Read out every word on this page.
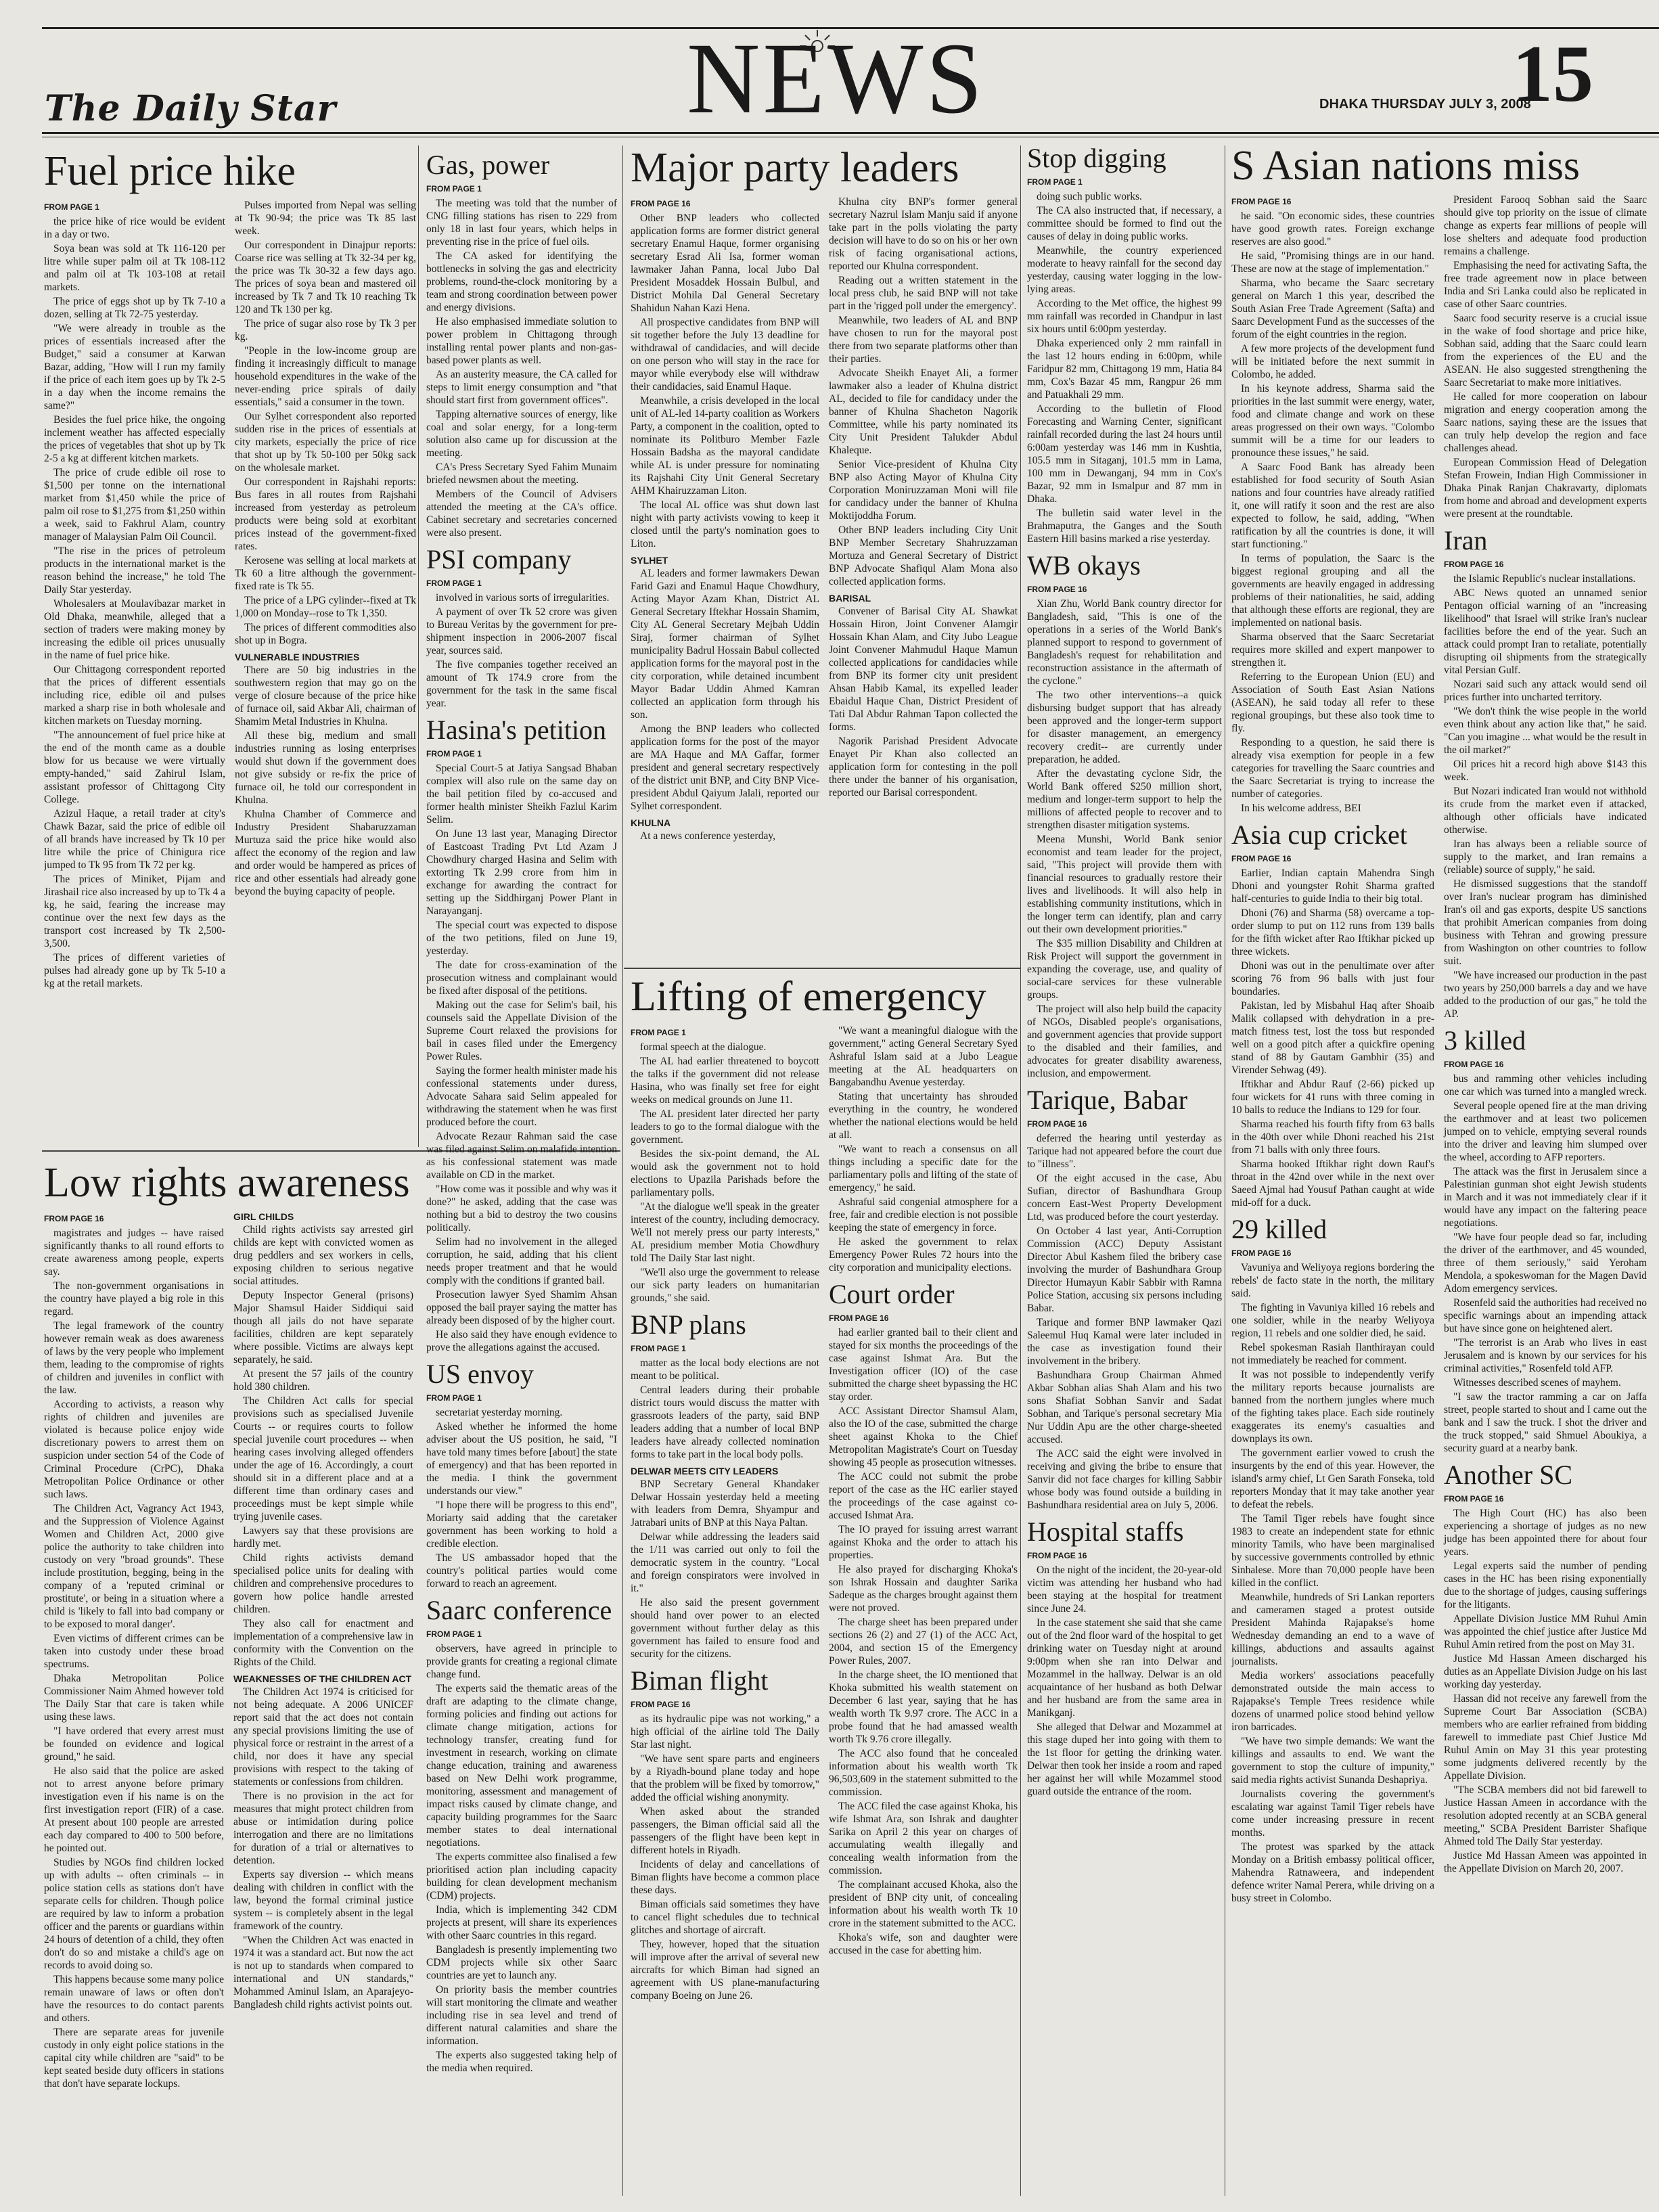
The Daily Star	NEWS	DHAKA THURSDAY JULY 3, 2008
15
Fuel price hike
FROM PAGE 1

the price hike of rice would be evident in a day or two.

Soya bean was sold at Tk 116-120 per litre while super palm oil at Tk 108-112 and palm oil at Tk 103-108 at retail markets.

The price of eggs shot up by Tk 7-10 a dozen, selling at Tk 72-75 yesterday.

"We were already in trouble as the prices of essentials increased after the Budget," said a consumer at Karwan Bazar, adding, "How will I run my family if the price of each item goes up by Tk 2-5 in a day when the income remains the same?"

Besides the fuel price hike, the ongoing inclement weather has affected especially the prices of vegetables that shot up by Tk 2-5 a kg at different kitchen markets.

The price of crude edible oil rose to $1,500 per tonne on the international market from $1,450 while the price of palm oil rose to $1,275 from $1,250 within a week, said to Fakhrul Alam, country manager of Malaysian Palm Oil Council.

"The rise in the prices of petroleum products in the international market is the reason behind the increase," he told The Daily Star yesterday.

Wholesalers at Moulavibazar market in Old Dhaka, meanwhile, alleged that a section of traders were making money by increasing the edible oil prices unusually in the name of fuel price hike.

Our Chittagong correspondent reported that the prices of different essentials including rice, edible oil and pulses marked a sharp rise in both wholesale and kitchen markets on Tuesday morning.

"The announcement of fuel price hike at the end of the month came as a double blow for us because we were virtually empty-handed," said Zahirul Islam, assistant professor of Chittagong City College.

Azizul Haque, a retail trader at city's Chawk Bazar, said the price of edible oil of all brands have increased by Tk 10 per litre while the price of Chinigura rice jumped to Tk 95 from Tk 72 per kg.

The prices of Miniket, Pijam and Jirashail rice also increased by up to Tk 4 a kg, he said, fearing the increase may continue over the next few days as the transport cost increased by Tk 2,500-3,500.

The prices of different varieties of pulses had already gone up by Tk 5-10 a kg at the retail markets.

Pulses imported from Nepal was selling at Tk 90-94; the price was Tk 85 last week.

Our correspondent in Dinajpur reports: Coarse rice was selling at Tk 32-34 per kg, the price was Tk 30-32 a few days ago. The prices of soya bean and mastered oil increased by Tk 7 and Tk 10 reaching Tk 120 and Tk 130 per kg.

The price of sugar also rose by Tk 3 per kg.

"People in the low-income group are finding it increasingly difficult to manage household expenditures in the wake of the never-ending price spirals of daily essentials," said a consumer in the town.

Our Sylhet correspondent also reported sudden rise in the prices of essentials at city markets, especially the price of rice that shot up by Tk 50-100 per 50kg sack on the wholesale market.

Our correspondent in Rajshahi reports: Bus fares in all routes from Rajshahi increased from yesterday as petroleum products were being sold at exorbitant prices instead of the government-fixed rates.

Kerosene was selling at local markets at Tk 60 a litre although the government-fixed rate is Tk 55.

The price of a LPG cylinder--fixed at Tk 1,000 on Monday--rose to Tk 1,350.

The prices of different commodities also shot up in Bogra.

VULNERABLE INDUSTRIES

There are 50 big industries in the southwestern region that may go on the verge of closure because of the price hike of furnace oil, said Akbar Ali, chairman of Shamim Metal Industries in Khulna.

All these big, medium and small industries running as losing enterprises would shut down if the government does not give subsidy or re-fix the price of furnace oil, he told our correspondent in Khulna.

Khulna Chamber of Commerce and Industry President Shabaruzzaman Murtuza said the price hike would also affect the economy of the region and law and order would be hampered as prices of rice and other essentials had already gone beyond the buying capacity of people.

Gas, power
FROM PAGE 1

The meeting was told that the number of CNG filling stations has risen to 229 from only 18 in last four years, which helps in preventing rise in the price of fuel oils.

The CA asked for identifying the bottlenecks in solving the gas and electricity problems, round-the-clock monitoring by a team and strong coordination between power and energy divisions.

He also emphasised immediate solution to power problem in Chittagong through installing rental power plants and non-gas-based power plants as well.

As an austerity measure, the CA called for steps to limit energy consumption and "that should start first from government offices".

Tapping alternative sources of energy, like coal and solar energy, for a long-term solution also came up for discussion at the meeting.

CA's Press Secretary Syed Fahim Munaim briefed newsmen about the meeting.

Members of the Council of Advisers attended the meeting at the CA's office. Cabinet secretary and secretaries concerned were also present.

PSI company
FROM PAGE 1

involved in various sorts of irregularities.

A payment of over Tk 52 crore was given to Bureau Veritas by the government for pre-shipment inspection in 2006-2007 fiscal year, sources said.

The five companies together received an amount of Tk 174.9 crore from the government for the task in the same fiscal year.

Hasina's petition
FROM PAGE 1

Special Court-5 at Jatiya Sangsad Bhaban complex will also rule on the same day on the bail petition filed by co-accused and former health minister Sheikh Fazlul Karim Selim.

On June 13 last year, Managing Director of Eastcoast Trading Pvt Ltd Azam J Chowdhury charged Hasina and Selim with extorting Tk 2.99 crore from him in exchange for awarding the contract for setting up the Siddhirganj Power Plant in Narayanganj.

The special court was expected to dispose of the two petitions, filed on June 19, yesterday.

The date for cross-examination of the prosecution witness and complainant would be fixed after disposal of the petitions.

Making out the case for Selim's bail, his counsels said the Appellate Division of the Supreme Court relaxed the provisions for bail in cases filed under the Emergency Power Rules.

Saying the former health minister made his confessional statements under duress, Advocate Sahara said Selim appealed for withdrawing the statement when he was first produced before the court.

Advocate Rezaur Rahman said the case was filed against Selim on malafide intention as his confessional statement was made available on CD in the market.

"How come was it possible and why was it done?" he asked, adding that the case was nothing but a bid to destroy the two cousins politically.

Selim had no involvement in the alleged corruption, he said, adding that his client needs proper treatment and that he would comply with the conditions if granted bail.

Prosecution lawyer Syed Shamim Ahsan opposed the bail prayer saying the matter has already been disposed of by the higher court.

He also said they have enough evidence to prove the allegations against the accused.

US envoy
FROM PAGE 1

secretariat yesterday morning.

Asked whether he informed the home adviser about the US position, he said, "I have told many times before [about] the state of emergency) and that has been reported in the media. I think the government understands our view."

"I hope there will be progress to this end", Moriarty said adding that the caretaker government has been working to hold a credible election.

The US ambassador hoped that the country's political parties would come forward to reach an agreement.

Saarc conference
FROM PAGE 1

observers, have agreed in principle to provide grants for creating a regional climate change fund.

The experts said the thematic areas of the draft are adapting to the climate change, forming policies and finding out actions for climate change mitigation, actions for technology transfer, creating fund for investment in research, working on climate change education, training and awareness based on New Delhi work programme, monitoring, assessment and management of impact risks caused by climate change, and capacity building programmes for the Saarc member states to deal international negotiations.

The experts committee also finalised a few prioritised action plan including capacity building for clean development mechanism (CDM) projects.

India, which is implementing 342 CDM projects at present, will share its experiences with other Saarc countries in this regard.

Bangladesh is presently implementing two CDM projects while six other Saarc countries are yet to launch any.

On priority basis the member countries will start monitoring the climate and weather including rise in sea level and trend of different natural calamities and share the information.

The experts also suggested taking help of the media when required.

Low rights awareness
FROM PAGE 16

magistrates and judges -- have raised significantly thanks to all round efforts to create awareness among people, experts say.

The non-government organisations in the country have played a big role in this regard.

The legal framework of the country however remain weak as does awareness of laws by the very people who implement them, leading to the compromise of rights of children and juveniles in conflict with the law.

According to activists, a reason why rights of children and juveniles are violated is because police enjoy wide discretionary powers to arrest them on suspicion under section 54 of the Code of Criminal Procedure (CrPC), Dhaka Metropolitan Police Ordinance or other such laws.

The Children Act, Vagrancy Act 1943, and the Suppression of Violence Against Women and Children Act, 2000 give police the authority to take children into custody on very "broad grounds". These include prostitution, begging, being in the company of a 'reputed criminal or prostitute', or being in a situation where a child is 'likely to fall into bad company or to be exposed to moral danger'.

Even victims of different crimes can be taken into custody under these broad spectrums.

Dhaka Metropolitan Police Commissioner Naim Ahmed however told The Daily Star that care is taken while using these laws.

"I have ordered that every arrest must be founded on evidence and logical ground," he said.

He also said that the police are asked not to arrest anyone before primary investigation even if his name is on the first investigation report (FIR) of a case. At present about 100 people are arrested each day compared to 400 to 500 before, he pointed out.

Studies by NGOs find children locked up with adults -- often criminals -- in police station cells as stations don't have separate cells for children. Though police are required by law to inform a probation officer and the parents or guardians within 24 hours of detention of a child, they often don't do so and mistake a child's age on records to avoid doing so.

This happens because some many police remain unaware of laws or often don't have the resources to do contact parents and others.

There are separate areas for juvenile custody in only eight police stations in the capital city while children are "said" to be kept seated beside duty officers in stations that don't have separate lockups.

GIRL CHILDS

Child rights activists say arrested girl childs are kept with convicted women as drug peddlers and sex workers in cells, exposing children to serious negative social attitudes.

Deputy Inspector General (prisons) Major Shamsul Haider Siddiqui said though all jails do not have separate facilities, children are kept separately where possible. Victims are always kept separately, he said.

At present the 57 jails of the country hold 380 children.

The Children Act calls for special provisions such as specialised Juvenile Courts -- or requires courts to follow special juvenile court procedures -- when hearing cases involving alleged offenders under the age of 16. Accordingly, a court should sit in a different place and at a different time than ordinary cases and proceedings must be kept simple while trying juvenile cases.

Lawyers say that these provisions are hardly met.

Child rights activists demand specialised police units for dealing with children and comprehensive procedures to govern how police handle arrested children.

They also call for enactment and implementation of a comprehensive law in conformity with the Convention on the Rights of the Child.

WEAKNESSES OF THE CHILDREN ACT

The Children Act 1974 is criticised for not being adequate. A 2006 UNICEF report said that the act does not contain any special provisions limiting the use of physical force or restraint in the arrest of a child, nor does it have any special provisions with respect to the taking of statements or confessions from children.

There is no provision in the act for measures that might protect children from abuse or intimidation during police interrogation and there are no limitations for duration of a trial or alternatives to detention.

Experts say diversion -- which means dealing with children in conflict with the law, beyond the formal criminal justice system -- is completely absent in the legal framework of the country.

"When the Children Act was enacted in 1974 it was a standard act. But now the act is not up to standards when compared to international and UN standards," Mohammed Aminul Islam, an Aparajeyo-Bangladesh child rights activist points out.

Major party leaders
FROM PAGE 16

Other BNP leaders who collected application forms are former district general secretary Enamul Haque, former organising secretary Esrad Ali Isa, former woman lawmaker Jahan Panna, local Jubo Dal President Mosaddek Hossain Bulbul, and District Mohila Dal General Secretary Shahidun Nahan Kazi Hena.

All prospective candidates from BNP will sit together before the July 13 deadline for withdrawal of candidacies, and will decide on one person who will stay in the race for mayor while everybody else will withdraw their candidacies, said Enamul Haque.

Meanwhile, a crisis developed in the local unit of AL-led 14-party coalition as Workers Party, a component in the coalition, opted to nominate its Politburo Member Fazle Hossain Badsha as the mayoral candidate while AL is under pressure for nominating its Rajshahi City Unit General Secretary AHM Khairuzzaman Liton.

The local AL office was shut down last night with party activists vowing to keep it closed until the party's nomination goes to Liton.

SYLHET

AL leaders and former lawmakers Dewan Farid Gazi and Enamul Haque Chowdhury, Acting Mayor Azam Khan, District AL General Secretary Iftekhar Hossain Shamim, City AL General Secretary Mejbah Uddin Siraj, former chairman of Sylhet municipality Badrul Hossain Babul collected application forms for the mayoral post in the city corporation, while detained incumbent Mayor Badar Uddin Ahmed Kamran collected an application form through his son.

Among the BNP leaders who collected application forms for the post of the mayor are MA Haque and MA Gaffar, former president and general secretary respectively of the district unit BNP, and City BNP Vice-president Abdul Qaiyum Jalali, reported our Sylhet correspondent.

KHULNA

At a news conference yesterday,

Khulna city BNP's former general secretary Nazrul Islam Manju said if anyone take part in the polls violating the party decision will have to do so on his or her own risk of facing organisational actions, reported our Khulna correspondent.

Reading out a written statement in the local press club, he said BNP will not take part in the 'rigged poll under the emergency'.

Meanwhile, two leaders of AL and BNP have chosen to run for the mayoral post there from two separate platforms other than their parties.

Advocate Sheikh Enayet Ali, a former lawmaker also a leader of Khulna district AL, decided to file for candidacy under the banner of Khulna Shacheton Nagorik Committee, while his party nominated its City Unit President Talukder Abdul Khaleque.

Senior Vice-president of Khulna City BNP also Acting Mayor of Khulna City Corporation Moniruzzaman Moni will file for candidacy under the banner of Khulna Moktijoddha Forum.

Other BNP leaders including City Unit BNP Member Secretary Shahruzzaman Mortuza and General Secretary of District BNP Advocate Shafiqul Alam Mona also collected application forms.

BARISAL

Convener of Barisal City AL Shawkat Hossain Hiron, Joint Convener Alamgir Hossain Khan Alam, and City Jubo League Joint Convener Mahmudul Haque Mamun collected applications for candidacies while from BNP its former city unit president Ahsan Habib Kamal, its expelled leader Ebaidul Haque Chan, District President of Tati Dal Abdur Rahman Tapon collected the forms.

Nagorik Parishad President Advocate Enayet Pir Khan also collected an application form for contesting in the poll there under the banner of his organisation, reported our Barisal correspondent.

Lifting of emergency
FROM PAGE 1

formal speech at the dialogue.

The AL had earlier threatened to boycott the talks if the government did not release Hasina, who was finally set free for eight weeks on medical grounds on June 11.

The AL president later directed her party leaders to go to the formal dialogue with the government.

Besides the six-point demand, the AL would ask the government not to hold elections to Upazila Parishads before the parliamentary polls.

"At the dialogue we'll speak in the greater interest of the country, including democracy. We'll not merely press our party interests," AL presidium member Motia Chowdhury told The Daily Star last night.

"We'll also urge the government to release our sick party leaders on humanitarian grounds," she said.

BNP plans
FROM PAGE 1

matter as the local body elections are not meant to be political.

Central leaders during their probable district tours would discuss the matter with grassroots leaders of the party, said BNP leaders adding that a number of local BNP leaders have already collected nomination forms to take part in the local body polls.

DELWAR MEETS CITY LEADERS

BNP Secretary General Khandaker Delwar Hossain yesterday held a meeting with leaders from Demra, Shyampur and Jatrabari units of BNP at this Naya Paltan.

Delwar while addressing the leaders said the 1/11 was carried out only to foil the democratic system in the country. "Local and foreign conspirators were involved in it."

He also said the present government should hand over power to an elected government without further delay as this government has failed to ensure food and security for the citizens.

Biman flight
FROM PAGE 16

as its hydraulic pipe was not working," a high official of the airline told The Daily Star last night.

"We have sent spare parts and engineers by a Riyadh-bound plane today and hope that the problem will be fixed by tomorrow," added the official wishing anonymity.

When asked about the stranded passengers, the Biman official said all the passengers of the flight have been kept in different hotels in Riyadh.

Incidents of delay and cancellations of Biman flights have become a common place these days.

Biman officials said sometimes they have to cancel flight schedules due to technical glitches and shortage of aircraft.

They, however, hoped that the situation will improve after the arrival of several new aircrafts for which Biman had signed an agreement with US plane-manufacturing company Boeing on June 26.

"We want a meaningful dialogue with the government," acting General Secretary Syed Ashraful Islam said at a Jubo League meeting at the AL headquarters on Bangabandhu Avenue yesterday.

Stating that uncertainty has shrouded everything in the country, he wondered whether the national elections would be held at all.

"We want to reach a consensus on all things including a specific date for the parliamentary polls and lifting of the state of emergency," he said.

Ashraful said congenial atmosphere for a free, fair and credible election is not possible keeping the state of emergency in force.

He asked the government to relax Emergency Power Rules 72 hours into the city corporation and municipality elections.

Court order
FROM PAGE 16

had earlier granted bail to their client and stayed for six months the proceedings of the case against Ishmat Ara. But the Investigation officer (IO) of the case submitted the charge sheet bypassing the HC stay order.

ACC Assistant Director Shamsul Alam, also the IO of the case, submitted the charge sheet against Khoka to the Chief Metropolitan Magistrate's Court on Tuesday showing 45 people as prosecution witnesses.

The ACC could not submit the probe report of the case as the HC earlier stayed the proceedings of the case against co-accused Ishmat Ara.

The IO prayed for issuing arrest warrant against Khoka and the order to attach his properties.

He also prayed for discharging Khoka's son Ishrak Hossain and daughter Sarika Sadeque as the charges brought against them were not proved.

The charge sheet has been prepared under sections 26 (2) and 27 (1) of the ACC Act, 2004, and section 15 of the Emergency Power Rules, 2007.

In the charge sheet, the IO mentioned that Khoka submitted his wealth statement on December 6 last year, saying that he has wealth worth Tk 9.97 crore. The ACC in a probe found that he had amassed wealth worth Tk 9.76 crore illegally.

The ACC also found that he concealed information about his wealth worth Tk 96,503,609 in the statement submitted to the commission.

The ACC filed the case against Khoka, his wife Ishmat Ara, son Ishrak and daughter Sarika on April 2 this year on charges of accumulating wealth illegally and concealing wealth information from the commission.

The complainant accused Khoka, also the president of BNP city unit, of concealing information about his wealth worth Tk 10 crore in the statement submitted to the ACC.

Khoka's wife, son and daughter were accused in the case for abetting him.

Stop digging
FROM PAGE 1

doing such public works.

The CA also instructed that, if necessary, a committee should be formed to find out the causes of delay in doing public works.

Meanwhile, the country experienced moderate to heavy rainfall for the second day yesterday, causing water logging in the low-lying areas.

According to the Met office, the highest 99 mm rainfall was recorded in Chandpur in last six hours until 6:00pm yesterday.

Dhaka experienced only 2 mm rainfall in the last 12 hours ending in 6:00pm, while Faridpur 82 mm, Chittagong 19 mm, Hatia 84 mm, Cox's Bazar 45 mm, Rangpur 26 mm and Patuakhali 29 mm.

According to the bulletin of Flood Forecasting and Warning Center, significant rainfall recorded during the last 24 hours until 6:00am yesterday was 146 mm in Kushtia, 105.5 mm in Sitaganj, 101.5 mm in Lama, 100 mm in Dewanganj, 94 mm in Cox's Bazar, 92 mm in Ismalpur and 87 mm in Dhaka.

The bulletin said water level in the Brahmaputra, the Ganges and the South Eastern Hill basins marked a rise yesterday.

WB okays
FROM PAGE 16

Xian Zhu, World Bank country director for Bangladesh, said, "This is one of the operations in a series of the World Bank's planned support to respond to government of Bangladesh's request for rehabilitation and reconstruction assistance in the aftermath of the cyclone."

The two other interventions--a quick disbursing budget support that has already been approved and the longer-term support for disaster management, an emergency recovery credit-- are currently under preparation, he added.

After the devastating cyclone Sidr, the World Bank offered $250 million short, medium and longer-term support to help the millions of affected people to recover and to strengthen disaster mitigation systems.

Meena Munshi, World Bank senior economist and team leader for the project, said, "This project will provide them with financial resources to gradually restore their lives and livelihoods. It will also help in establishing community institutions, which in the longer term can identify, plan and carry out their own development priorities."

The $35 million Disability and Children at Risk Project will support the government in expanding the coverage, use, and quality of social-care services for these vulnerable groups.

The project will also help build the capacity of NGOs, Disabled people's organisations, and government agencies that provide support to the disabled and their families, and advocates for greater disability awareness, inclusion, and empowerment.

Tarique, Babar
FROM PAGE 16

deferred the hearing until yesterday as Tarique had not appeared before the court due to "illness".

Of the eight accused in the case, Abu Sufian, director of Bashundhara Group concern East-West Property Development Ltd, was produced before the court yesterday.

On October 4 last year, Anti-Corruption Commission (ACC) Deputy Assistant Director Abul Kashem filed the bribery case involving the murder of Bashundhara Group Director Humayun Kabir Sabbir with Ramna Police Station, accusing six persons including Babar.

Tarique and former BNP lawmaker Qazi Saleemul Huq Kamal were later included in the case as investigation found their involvement in the bribery.

Bashundhara Group Chairman Ahmed Akbar Sobhan alias Shah Alam and his two sons Shafiat Sobhan Sanvir and Sadat Sobhan, and Tarique's personal secretary Mia Nur Uddin Apu are the other charge-sheeted accused.

The ACC said the eight were involved in receiving and giving the bribe to ensure that Sanvir did not face charges for killing Sabbir whose body was found outside a building in Bashundhara residential area on July 5, 2006.

Hospital staffs
FROM PAGE 16

On the night of the incident, the 20-year-old victim was attending her husband who had been staying at the hospital for treatment since June 24.

In the case statement she said that she came out of the 2nd floor ward of the hospital to get drinking water on Tuesday night at around 9:00pm when she ran into Delwar and Mozammel in the hallway. Delwar is an old acquaintance of her husband as both Delwar and her husband are from the same area in Manikganj.

She alleged that Delwar and Mozammel at this stage duped her into going with them to the 1st floor for getting the drinking water. Delwar then took her inside a room and raped her against her will while Mozammel stood guard outside the entrance of the room.

S Asian nations miss
FROM PAGE 16

he said. "On economic sides, these countries have good growth rates. Foreign exchange reserves are also good."

He said, "Promising things are in our hand. These are now at the stage of implementation."

Sharma, who became the Saarc secretary general on March 1 this year, described the South Asian Free Trade Agreement (Safta) and Saarc Development Fund as the successes of the forum of the eight countries in the region.

A few more projects of the development fund will be initiated before the next summit in Colombo, he added.

In his keynote address, Sharma said the priorities in the last summit were energy, water, food and climate change and work on these areas progressed on their own ways. "Colombo summit will be a time for our leaders to pronounce these issues," he said.

A Saarc Food Bank has already been established for food security of South Asian nations and four countries have already ratified it, one will ratify it soon and the rest are also expected to follow, he said, adding, "When ratification by all the countries is done, it will start functioning."

In terms of population, the Saarc is the biggest regional grouping and all the governments are heavily engaged in addressing problems of their nationalities, he said, adding that although these efforts are regional, they are implemented on national basis.

Sharma observed that the Saarc Secretariat requires more skilled and expert manpower to strengthen it.

Referring to the European Union (EU) and Association of South East Asian Nations (ASEAN), he said today all refer to these regional groupings, but these also took time to fly.

Responding to a question, he said there is already visa exemption for people in a few categories for travelling the Saarc countries and the Saarc Secretariat is trying to increase the number of categories.

In his welcome address, BEI

Asia cup cricket
FROM PAGE 16

Earlier, Indian captain Mahendra Singh Dhoni and youngster Rohit Sharma grafted half-centuries to guide India to their big total.

Dhoni (76) and Sharma (58) overcame a top-order slump to put on 112 runs from 139 balls for the fifth wicket after Rao Iftikhar picked up three wickets.

Dhoni was out in the penultimate over after scoring 76 from 96 balls with just four boundaries.

Pakistan, led by Misbahul Haq after Shoaib Malik collapsed with dehydration in a pre-match fitness test, lost the toss but responded well on a good pitch after a quickfire opening stand of 88 by Gautam Gambhir (35) and Virender Sehwag (49).

Iftikhar and Abdur Rauf (2-66) picked up four wickets for 41 runs with three coming in 10 balls to reduce the Indians to 129 for four.

Sharma reached his fourth fifty from 63 balls in the 40th over while Dhoni reached his 21st from 71 balls with only three fours.

Sharma hooked Iftikhar right down Rauf's throat in the 42nd over while in the next over Saeed Ajmal had Yousuf Pathan caught at wide mid-off for a duck.

29 killed
FROM PAGE 16

Vavuniya and Weliyoya regions bordering the rebels' de facto state in the north, the military said.

The fighting in Vavuniya killed 16 rebels and one soldier, while in the nearby Weliyoya region, 11 rebels and one soldier died, he said.

Rebel spokesman Rasiah Ilanthirayan could not immediately be reached for comment.

It was not possible to independently verify the military reports because journalists are banned from the northern jungles where much of the fighting takes place. Each side routinely exaggerates its enemy's casualties and downplays its own.

The government earlier vowed to crush the insurgents by the end of this year. However, the island's army chief, Lt Gen Sarath Fonseka, told reporters Monday that it may take another year to defeat the rebels.

The Tamil Tiger rebels have fought since 1983 to create an independent state for ethnic minority Tamils, who have been marginalised by successive governments controlled by ethnic Sinhalese. More than 70,000 people have been killed in the conflict.

Meanwhile, hundreds of Sri Lankan reporters and cameramen staged a protest outside President Mahinda Rajapakse's home Wednesday demanding an end to a wave of killings, abductions and assaults against journalists.

Media workers' associations peacefully demonstrated outside the main access to Rajapakse's Temple Trees residence while dozens of unarmed police stood behind yellow iron barricades.

"We have two simple demands: We want the killings and assaults to end. We want the government to stop the culture of impunity," said media rights activist Sunanda Deshapriya.

Journalists covering the government's escalating war against Tamil Tiger rebels have come under increasing pressure in recent months.

The protest was sparked by the attack Monday on a British embassy political officer, Mahendra Ratnaweera, and independent defence writer Namal Perera, while driving on a busy street in Colombo.

President Farooq Sobhan said the Saarc should give top priority on the issue of climate change as experts fear millions of people will lose shelters and adequate food production remains a challenge.

Emphasising the need for activating Safta, the free trade agreement now in place between India and Sri Lanka could also be replicated in case of other Saarc countries.

Saarc food security reserve is a crucial issue in the wake of food shortage and price hike, Sobhan said, adding that the Saarc could learn from the experiences of the EU and the ASEAN. He also suggested strengthening the Saarc Secretariat to make more initiatives.

He called for more cooperation on labour migration and energy cooperation among the Saarc nations, saying these are the issues that can truly help develop the region and face challenges ahead.

European Commission Head of Delegation Stefan Frowein, Indian High Commissioner in Dhaka Pinak Ranjan Chakravarty, diplomats from home and abroad and development experts were present at the roundtable.

Iran
FROM PAGE 16

the Islamic Republic's nuclear installations.

ABC News quoted an unnamed senior Pentagon official warning of an "increasing likelihood" that Israel will strike Iran's nuclear facilities before the end of the year. Such an attack could prompt Iran to retaliate, potentially disrupting oil shipments from the strategically vital Persian Gulf.

Nozari said such any attack would send oil prices further into uncharted territory.

"We don't think the wise people in the world even think about any action like that," he said. "Can you imagine ... what would be the result in the oil market?"

Oil prices hit a record high above $143 this week.

But Nozari indicated Iran would not withhold its crude from the market even if attacked, although other officials have indicated otherwise.

Iran has always been a reliable source of supply to the market, and Iran remains a (reliable) source of supply," he said.

He dismissed suggestions that the standoff over Iran's nuclear program has diminished Iran's oil and gas exports, despite US sanctions that prohibit American companies from doing business with Tehran and growing pressure from Washington on other countries to follow suit.

"We have increased our production in the past two years by 250,000 barrels a day and we have added to the production of our gas," he told the AP.

3 killed
FROM PAGE 16

bus and ramming other vehicles including one car which was turned into a mangled wreck.

Several people opened fire at the man driving the earthmover and at least two policemen jumped on to vehicle, emptying several rounds into the driver and leaving him slumped over the wheel, according to AFP reporters.

The attack was the first in Jerusalem since a Palestinian gunman shot eight Jewish students in March and it was not immediately clear if it would have any impact on the faltering peace negotiations.

"We have four people dead so far, including the driver of the earthmover, and 45 wounded, three of them seriously," said Yeroham Mendola, a spokeswoman for the Magen David Adom emergency services.

Rosenfeld said the authorities had received no specific warnings about an impending attack but have since gone on heightened alert.

"The terrorist is an Arab who lives in east Jerusalem and is known by our services for his criminal activities," Rosenfeld told AFP.

Witnesses described scenes of mayhem.

"I saw the tractor ramming a car on Jaffa street, people started to shout and I came out the bank and I saw the truck. I shot the driver and the truck stopped," said Shmuel Aboukiya, a security guard at a nearby bank.

Another SC
FROM PAGE 16

The High Court (HC) has also been experiencing a shortage of judges as no new judge has been appointed there for about four years.

Legal experts said the number of pending cases in the HC has been rising exponentially due to the shortage of judges, causing sufferings for the litigants.

Appellate Division Justice MM Ruhul Amin was appointed the chief justice after Justice Md Ruhul Amin retired from the post on May 31.

Justice Md Hassan Ameen discharged his duties as an Appellate Division Judge on his last working day yesterday.

Hassan did not receive any farewell from the Supreme Court Bar Association (SCBA) members who are earlier refrained from bidding farewell to immediate past Chief Justice Md Ruhul Amin on May 31 this year protesting some judgments delivered recently by the Appellate Division.

"The SCBA members did not bid farewell to Justice Hassan Ameen in accordance with the resolution adopted recently at an SCBA general meeting," SCBA President Barrister Shafique Ahmed told The Daily Star yesterday.

Justice Md Hassan Ameen was appointed in the Appellate Division on March 20, 2007.
